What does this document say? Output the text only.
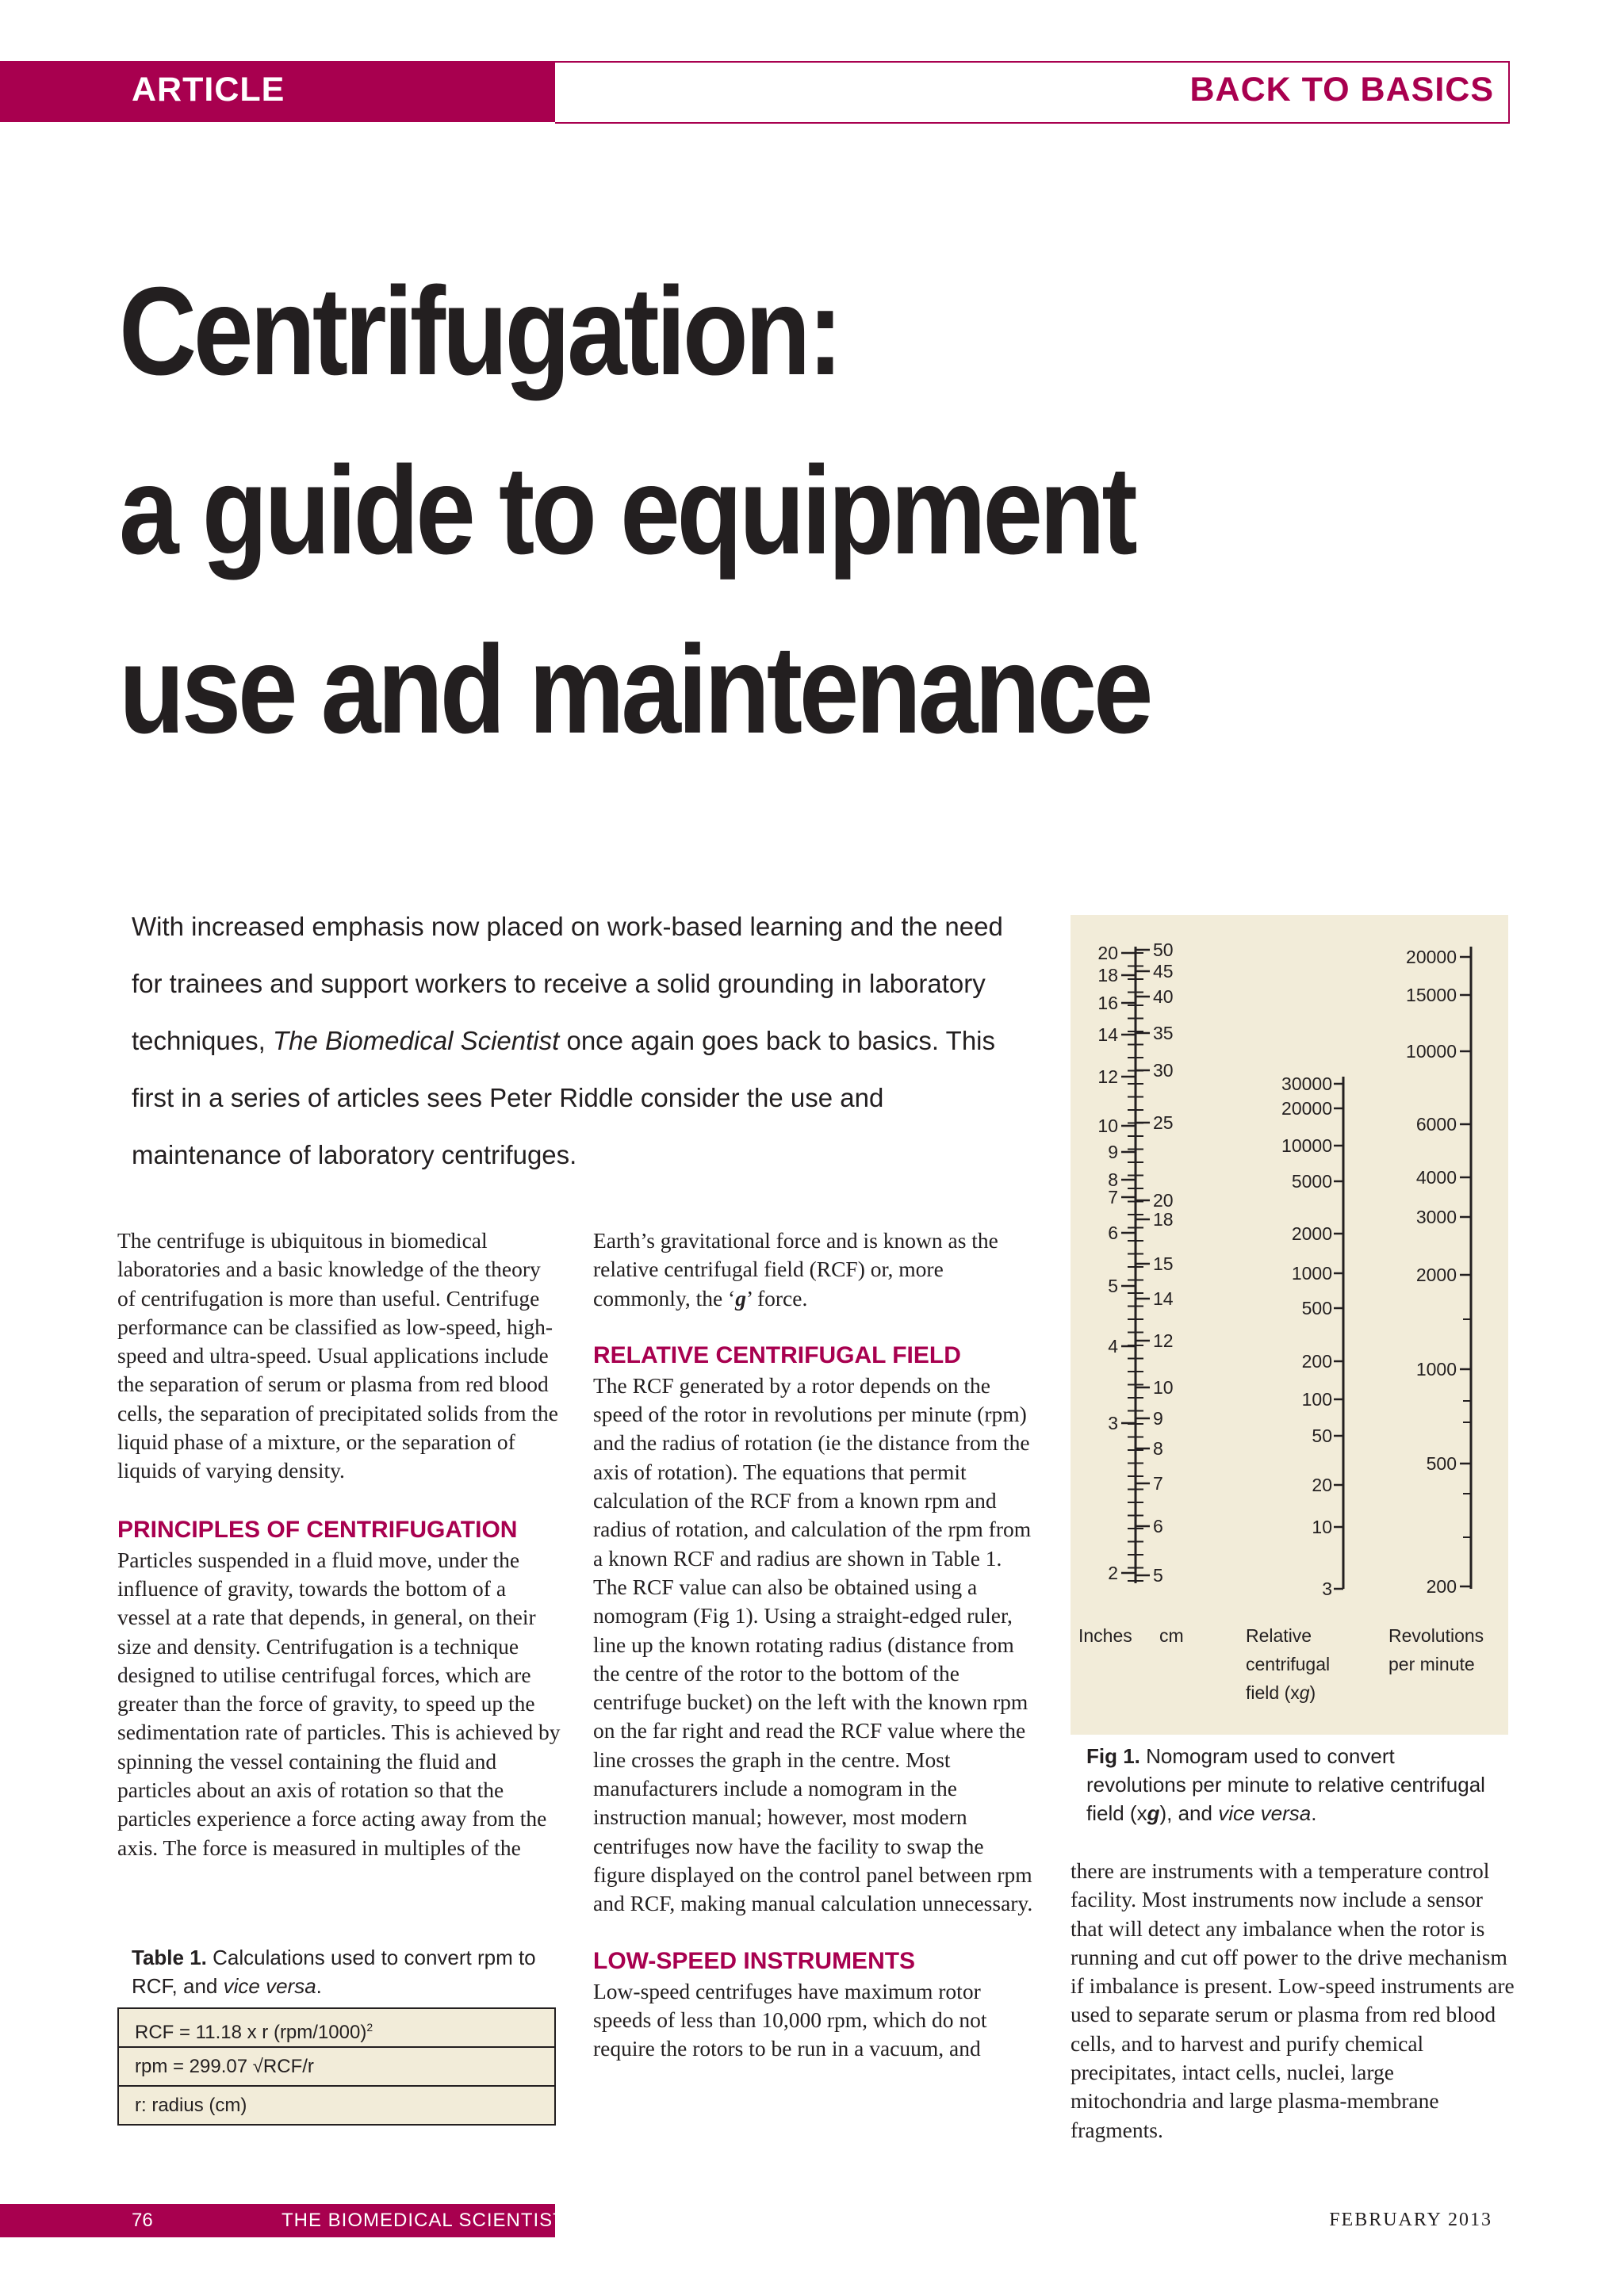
ARTICLE	BACK TO BASICS
Centrifugation:
a guide to equipment
use and maintenance

With increased emphasis now placed on work-based learning and the need for trainees and support workers to receive a solid grounding in laboratory techniques, The Biomedical Scientist once again goes back to basics. This first in a series of articles sees Peter Riddle consider the use and maintenance of laboratory centrifuges.

The centrifuge is ubiquitous in biomedical laboratories and a basic knowledge of the theory of centrifugation is more than useful. Centrifuge performance can be classified as low-speed, high-speed and ultra-speed. Usual applications include the separation of serum or plasma from red blood cells, the separation of precipitated solids from the liquid phase of a mixture, or the separation of liquids of varying density.

PRINCIPLES OF CENTRIFUGATION

Particles suspended in a fluid move, under the influence of gravity, towards the bottom of a vessel at a rate that depends, in general, on their size and density. Centrifugation is a technique designed to utilise centrifugal forces, which are greater than the force of gravity, to speed up the sedimentation rate of particles. This is achieved by spinning the vessel containing the fluid and particles about an axis of rotation so that the particles experience a force acting away from the axis. The force is measured in multiples of the

Table 1. Calculations used to convert rpm to RCF, and vice versa.
RCF = 11.18 x r $(rpm/1000)^2$
rpm = 299.07 √RCF/r
r: radius (cm)

Earth’s gravitational force and is known as the relative centrifugal field (RCF) or, more commonly, the ‘g’ force.

RELATIVE CENTRIFUGAL FIELD

The RCF generated by a rotor depends on the speed of the rotor in revolutions per minute (rpm) and the radius of rotation (ie the distance from the axis of rotation). The equations that permit calculation of the RCF from a known rpm and radius of rotation, and calculation of the rpm from a known RCF and radius are shown in Table 1. The RCF value can also be obtained using a nomogram (Fig 1). Using a straight-edged ruler, line up the known rotating radius (distance from the centre of the rotor to the bottom of the centrifuge bucket) on the left with the known rpm on the far right and read the RCF value where the line crosses the graph in the centre. Most manufacturers include a nomogram in the instruction manual; however, most modern centrifuges now have the facility to swap the figure displayed on the control panel between rpm and RCF, making manual calculation unnecessary.

LOW-SPEED INSTRUMENTS

Low-speed centrifuges have maximum rotor speeds of less than 10,000 rpm, which do not require the rotors to be run in a vacuum, and

20
18
16
14
12
10
9
8
7
6
5
4
3
2
50
45
40
35
30
25
20
18
15
14
12
10
9
8
7
6
5
30000
20000
10000
5000
2000
1000
500
200
100
50
20
10
3
20000
15000
10000
6000
4000
3000
2000
1000
500
200
Inches cm	Relative
centrifugal
field (xg)
Revolutions
per minute
Fig 1. Nomogram used to convert revolutions per minute to relative centrifugal field (xg), and vice versa.

there are instruments with a temperature control facility. Most instruments now include a sensor that will detect any imbalance when the rotor is running and cut off power to the drive mechanism if imbalance is present. Low-speed instruments are used to separate serum or plasma from red blood cells, and to harvest and purify chemical precipitates, intact cells, nuclei, large mitochondria and large plasma-membrane fragments.

76	THE BIOMEDICAL SCIENTIST	FEBRUARY 2013
